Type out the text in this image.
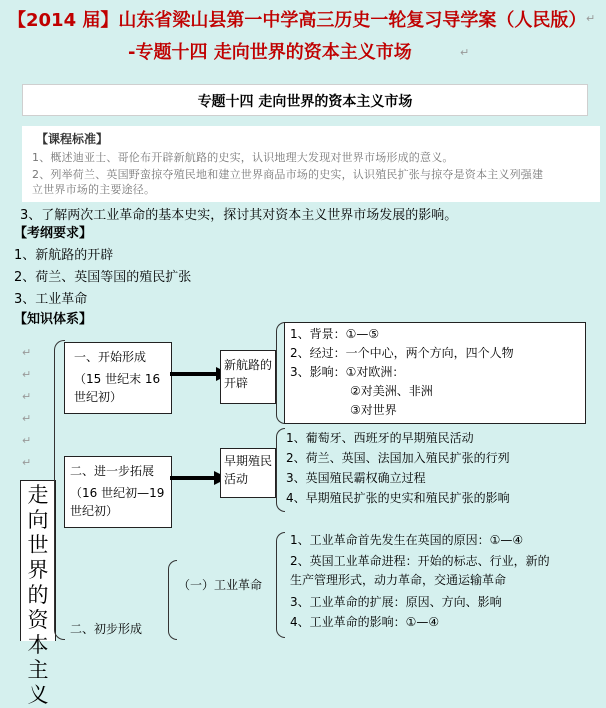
【2014 届】山东省梁山县第一中学高三历史一轮复习导学案（人民版） ↵
-专题十四 走向世界的资本主义市场	↵
专题十四 走向世界的资本主义市场
【课程标准】
1、概述迪亚士、哥伦布开辟新航路的史实，认识地理大发现对世界市场形成的意义。
2、列举荷兰、英国野蛮掠夺殖民地和建立世界商品市场的史实，认识殖民扩张与掠夺是资本主义列强建
立世界市场的主要途径。
3、了解两次工业革命的基本史实，探讨其对资本主义世界市场发展的影响。
【考纲要求】
1、新航路的开辟
2、荷兰、英国等国的殖民扩张
3、工业革命
【知识体系】
↵
↵
↵
↵
↵
↵
走向世界的资本主义
一、开始形成
（15 世纪末 16 世纪初）
二、进一步拓展
（16 世纪初—19 世纪初）
二、初步形成
新航路的开辟
早期殖民活动
（一）工业革命
1、背景：①—⑤
2、经过：一个中心，两个方向，四个人物
3、影响：①对欧洲：
②对美洲、非洲
③对世界
1、葡萄牙、西班牙的早期殖民活动
2、荷兰、英国、法国加入殖民扩张的行列
3、英国殖民霸权确立过程
4、早期殖民扩张的史实和殖民扩张的影响
1、工业革命首先发生在英国的原因：①—④
2、英国工业革命进程：开始的标志、行业，新的
生产管理形式，动力革命，交通运输革命
3、工业革命的扩展：原因、方向、影响
4、工业革命的影响：①—④
